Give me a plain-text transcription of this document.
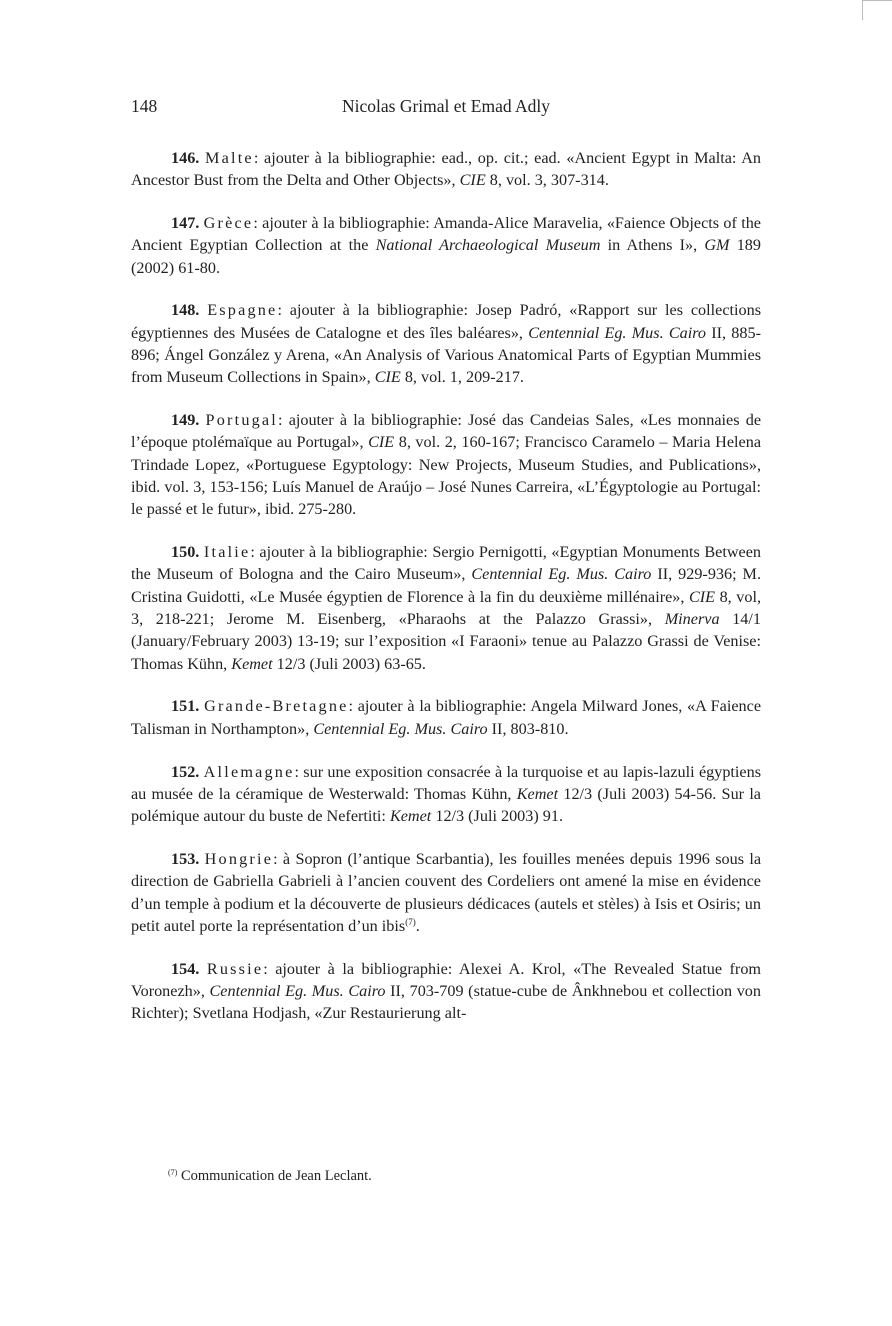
148	Nicolas Grimal et Emad Adly

146. Malte: ajouter à la bibliographie: ead., op. cit.; ead. «Ancient Egypt in Malta: An Ancestor Bust from the Delta and Other Objects», CIE 8, vol. 3, 307-314.

147. Grèce: ajouter à la bibliographie: Amanda-Alice Maravelia, «Faience Objects of the Ancient Egyptian Collection at the National Archaeological Museum in Athens I», GM 189 (2002) 61-80.

148. Espagne: ajouter à la bibliographie: Josep Padró, «Rapport sur les collections égyptiennes des Musées de Catalogne et des îles baléares», Centennial Eg. Mus. Cairo II, 885-896; Ángel González y Arena, «An Analysis of Various Anatomical Parts of Egyptian Mummies from Museum Collections in Spain», CIE 8, vol. 1, 209-217.

149. Portugal: ajouter à la bibliographie: José das Candeias Sales, «Les monnaies de l’époque ptolémaïque au Portugal», CIE 8, vol. 2, 160-167; Francisco Caramelo – Maria Helena Trindade Lopez, «Portuguese Egyptology: New Projects, Museum Studies, and Publications», ibid. vol. 3, 153-156; Luís Manuel de Araújo – José Nunes Carreira, «L’Égyptologie au Portugal: le passé et le futur», ibid. 275-280.

150. Italie: ajouter à la bibliographie: Sergio Pernigotti, «Egyptian Monuments Between the Museum of Bologna and the Cairo Museum», Centennial Eg. Mus. Cairo II, 929-936; M. Cristina Guidotti, «Le Musée égyptien de Florence à la fin du deuxième millénaire», CIE 8, vol, 3, 218-221; Jerome M. Eisenberg, «Pharaohs at the Palazzo Grassi», Minerva 14/1 (January/February 2003) 13-19; sur l’exposition «I Faraoni» tenue au Palazzo Grassi de Venise: Thomas Kühn, Kemet 12/3 (Juli 2003) 63-65.

151. Grande-Bretagne: ajouter à la bibliographie: Angela Milward Jones, «A Faience Talisman in Northampton», Centennial Eg. Mus. Cairo II, 803-810.

152. Allemagne: sur une exposition consacrée à la turquoise et au lapis-lazuli égyptiens au musée de la céramique de Westerwald: Thomas Kühn, Kemet 12/3 (Juli 2003) 54-56. Sur la polémique autour du buste de Nefertiti: Kemet 12/3 (Juli 2003) 91.

153. Hongrie: à Sopron (l’antique Scarbantia), les fouilles menées depuis 1996 sous la direction de Gabriella Gabrieli à l’ancien couvent des Cordeliers ont amené la mise en évidence d’un temple à podium et la découverte de plusieurs dédicaces (autels et stèles) à Isis et Osiris; un petit autel porte la représentation d’un ibis$^{(7)}$.

154. Russie: ajouter à la bibliographie: Alexei A. Krol, «The Revealed Statue from Voronezh», Centennial Eg. Mus. Cairo II, 703-709 (statue-cube de Ânkhnebou et collection von Richter); Svetlana Hodjash, «Zur Restaurierung alt-

$^{(7)}$ Communication de Jean Leclant.
